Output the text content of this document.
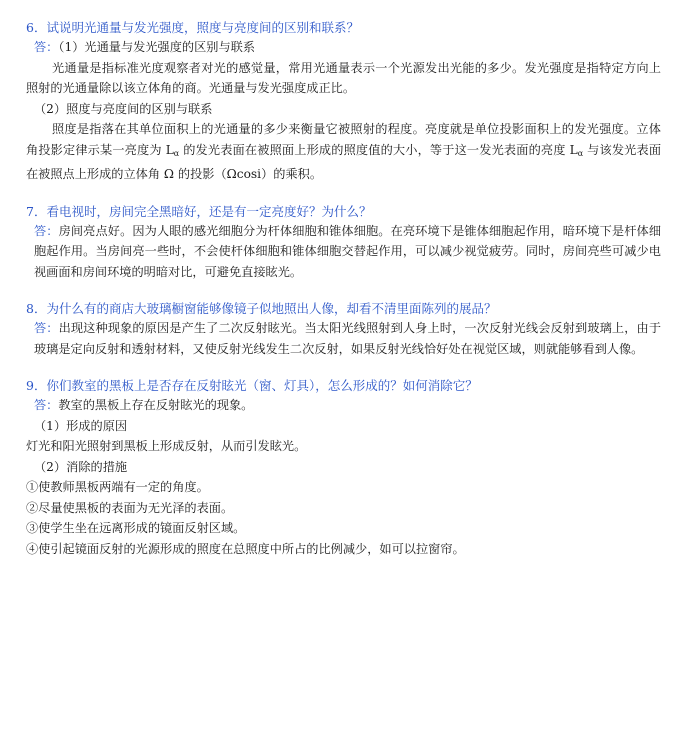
6．试说明光通量与发光强度，照度与亮度间的区别和联系？

答：（1）光通量与发光强度的区别与联系

光通量是指标准光度观察者对光的感觉量，常用光通量表示一个光源发出光能的多少。发光强度是指特定方向上照射的光通量除以该立体角的商。光通量与发光强度成正比。

（2）照度与亮度间的区别与联系

照度是指落在其单位面积上的光通量的多少来衡量它被照射的程度。亮度就是单位投影面积上的发光强度。立体角投影定律示某一亮度为 $L_\alpha$ 的发光表面在被照面上形成的照度值的大小，等于这一发光表面的亮度 $L_\alpha$ 与该发光表面在被照点上形成的立体角 Ω 的投影（Ωcosi）的乘积。

7．看电视时，房间完全黑暗好，还是有一定亮度好？为什么？

答：房间亮点好。因为人眼的感光细胞分为杆体细胞和锥体细胞。在亮环境下是锥体细胞起作用，暗环境下是杆体细胞起作用。当房间亮一些时，不会使杆体细胞和锥体细胞交替起作用，可以减少视觉疲劳。同时，房间亮些可减少电视画面和房间环境的明暗对比，可避免直接眩光。

8．为什么有的商店大玻璃橱窗能够像镜子似地照出人像，却看不清里面陈列的展品？

答：出现这种现象的原因是产生了二次反射眩光。当太阳光线照射到人身上时，一次反射光线会反射到玻璃上，由于玻璃是定向反射和透射材料，又使反射光线发生二次反射，如果反射光线恰好处在视觉区域，则就能够看到人像。

9．你们教室的黑板上是否存在反射眩光（窗、灯具），怎么形成的？如何消除它？

答：教室的黑板上存在反射眩光的现象。

（1）形成的原因

灯光和阳光照射到黑板上形成反射，从而引发眩光。

（2）消除的措施

①使教师黑板两端有一定的角度。

②尽量使黑板的表面为无光泽的表面。

③使学生坐在远离形成的镜面反射区域。

④使引起镜面反射的光源形成的照度在总照度中所占的比例减少，如可以拉窗帘。
